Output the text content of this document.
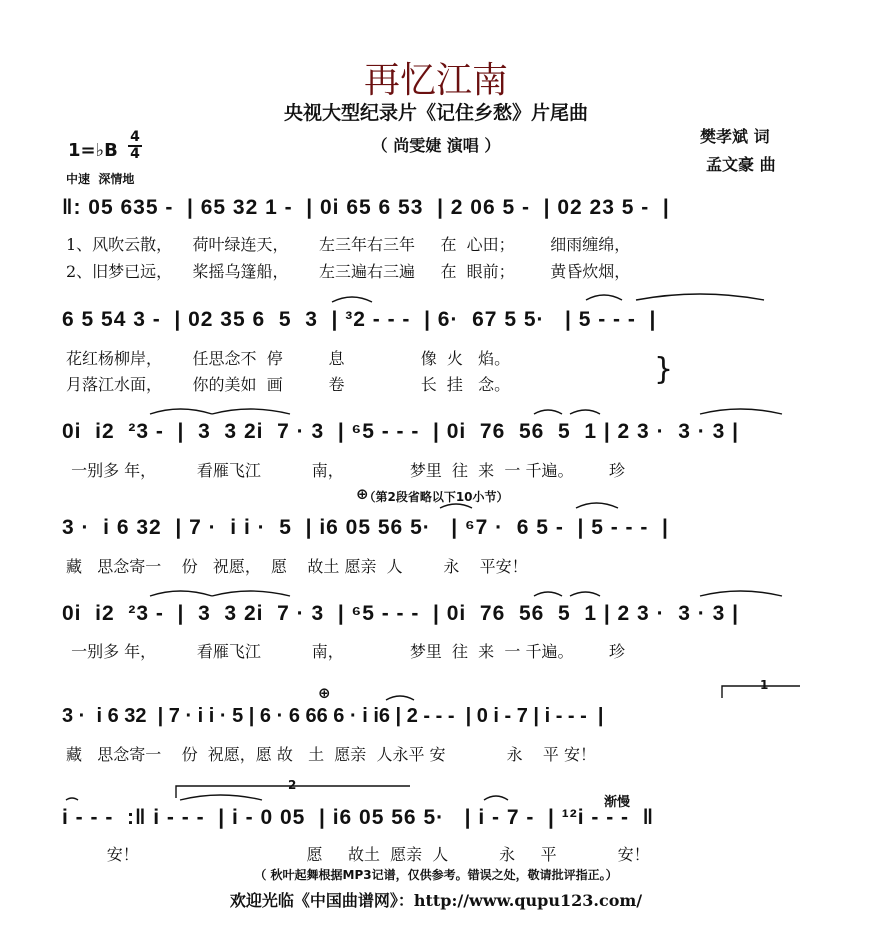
再忆江南
央视大型纪录片《记住乡愁》片尾曲
（ 尚雯婕 演唱 ）	樊孝斌 词
孟文豪 曲
1=♭B $\frac{4}{4}$
中速  深情地
‖: 05 635 -  | 65 32 1 -  | 0i 65 6 53  | 2 06 5 -  | 02 23 5 -  |
1、风吹云散，    荷叶绿连天，      左三年右三年     在  心田；       细雨缠绵，
2、旧梦已远，    桨摇乌篷船，      左三遍右三遍     在  眼前；       黄昏炊烟，
6 5 54 3 -  | 02 35 6  5  3  | ³2 - - -  | 6·  67 5 5·   | 5 - - -  |
花红杨柳岸，      任思念不  停         息               像  火   焰。
月落江水面，      你的美如  画         卷               长  挂   念。	}
0i  i2  ²3 -  |  3  3 2i  7 · 3  | ⁶5 - - -  | 0i  76  56  5  1 | 2 3 ·  3 · 3 |
一别多 年，        看雁飞江          南，             梦里  往  来  一 千遍。       珍
⊕
（第2段省略以下10小节）
3 ·  i 6 32  | 7 ·  i i ·  5  | i6 05 56 5·   | ⁶7 ·  6 5 -  | 5 - - -  |
藏   思念寄一    份   祝愿，  愿    故土 愿亲  人        永    平安！
0i  i2  ²3 -  |  3  3 2i  7 · 3  | ⁶5 - - -  | 0i  76  56  5  1 | 2 3 ·  3 · 3 |
一别多 年，        看雁飞江          南，             梦里  往  来  一 千遍。       珍
⊕	1
3 ·  i 6 32  | 7 · i i · 5 | 6 · 6 66 6 · i i6 | 2 - - -  | 0 i - 7 | i - - -  |
藏   思念寄一    份  祝愿，愿 故   土  愿亲  人永平 安            永    平 安！
2
渐慢
i - - -  :‖ i - - -  | i - 0 05  | i6 05 56 5·   | i - 7 -  | ¹²i - - -  ‖
安！                                 愿     故土  愿亲  人          永     平            安！
（ 秋叶起舞根据MP3记谱，仅供参考。错误之处，敬请批评指正。）
欢迎光临《中国曲谱网》：http://www.qupu123.com/
